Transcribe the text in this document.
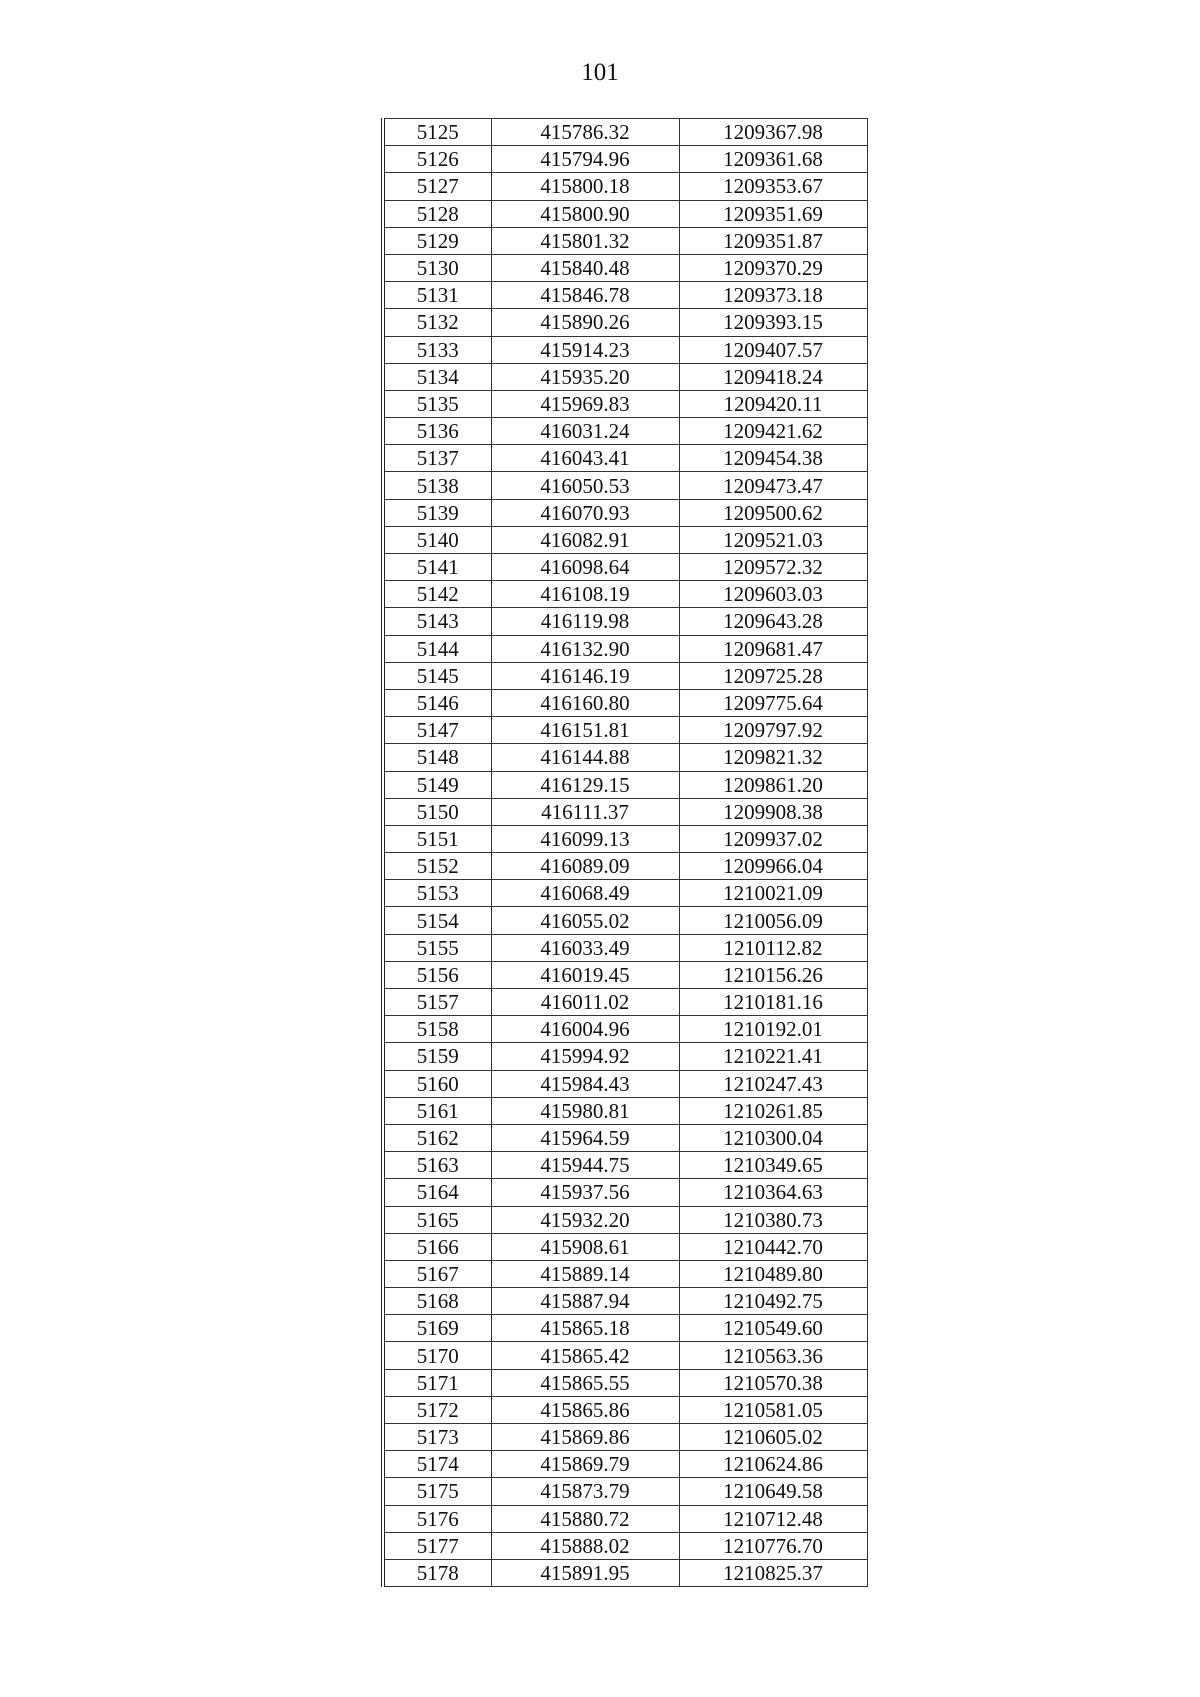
101
5125	415786.32	1209367.98
5126	415794.96	1209361.68
5127	415800.18	1209353.67
5128	415800.90	1209351.69
5129	415801.32	1209351.87
5130	415840.48	1209370.29
5131	415846.78	1209373.18
5132	415890.26	1209393.15
5133	415914.23	1209407.57
5134	415935.20	1209418.24
5135	415969.83	1209420.11
5136	416031.24	1209421.62
5137	416043.41	1209454.38
5138	416050.53	1209473.47
5139	416070.93	1209500.62
5140	416082.91	1209521.03
5141	416098.64	1209572.32
5142	416108.19	1209603.03
5143	416119.98	1209643.28
5144	416132.90	1209681.47
5145	416146.19	1209725.28
5146	416160.80	1209775.64
5147	416151.81	1209797.92
5148	416144.88	1209821.32
5149	416129.15	1209861.20
5150	416111.37	1209908.38
5151	416099.13	1209937.02
5152	416089.09	1209966.04
5153	416068.49	1210021.09
5154	416055.02	1210056.09
5155	416033.49	1210112.82
5156	416019.45	1210156.26
5157	416011.02	1210181.16
5158	416004.96	1210192.01
5159	415994.92	1210221.41
5160	415984.43	1210247.43
5161	415980.81	1210261.85
5162	415964.59	1210300.04
5163	415944.75	1210349.65
5164	415937.56	1210364.63
5165	415932.20	1210380.73
5166	415908.61	1210442.70
5167	415889.14	1210489.80
5168	415887.94	1210492.75
5169	415865.18	1210549.60
5170	415865.42	1210563.36
5171	415865.55	1210570.38
5172	415865.86	1210581.05
5173	415869.86	1210605.02
5174	415869.79	1210624.86
5175	415873.79	1210649.58
5176	415880.72	1210712.48
5177	415888.02	1210776.70
5178	415891.95	1210825.37
